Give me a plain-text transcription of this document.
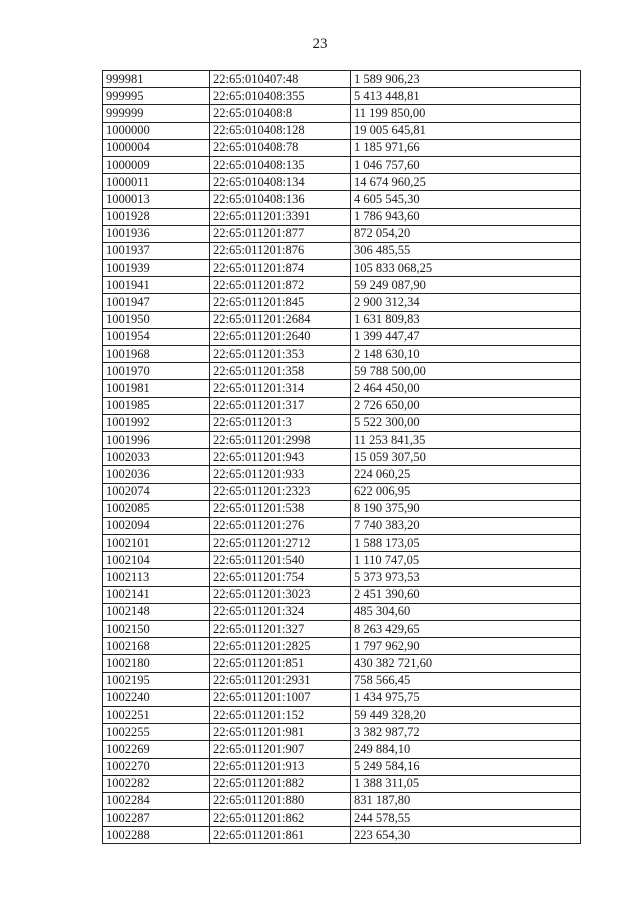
23
999981	22:65:010407:48	1 589 906,23
999995	22:65:010408:355	5 413 448,81
999999	22:65:010408:8	11 199 850,00
1000000	22:65:010408:128	19 005 645,81
1000004	22:65:010408:78	1 185 971,66
1000009	22:65:010408:135	1 046 757,60
1000011	22:65:010408:134	14 674 960,25
1000013	22:65:010408:136	4 605 545,30
1001928	22:65:011201:3391	1 786 943,60
1001936	22:65:011201:877	872 054,20
1001937	22:65:011201:876	306 485,55
1001939	22:65:011201:874	105 833 068,25
1001941	22:65:011201:872	59 249 087,90
1001947	22:65:011201:845	2 900 312,34
1001950	22:65:011201:2684	1 631 809,83
1001954	22:65:011201:2640	1 399 447,47
1001968	22:65:011201:353	2 148 630,10
1001970	22:65:011201:358	59 788 500,00
1001981	22:65:011201:314	2 464 450,00
1001985	22:65:011201:317	2 726 650,00
1001992	22:65:011201:3	5 522 300,00
1001996	22:65:011201:2998	11 253 841,35
1002033	22:65:011201:943	15 059 307,50
1002036	22:65:011201:933	224 060,25
1002074	22:65:011201:2323	622 006,95
1002085	22:65:011201:538	8 190 375,90
1002094	22:65:011201:276	7 740 383,20
1002101	22:65:011201:2712	1 588 173,05
1002104	22:65:011201:540	1 110 747,05
1002113	22:65:011201:754	5 373 973,53
1002141	22:65:011201:3023	2 451 390,60
1002148	22:65:011201:324	485 304,60
1002150	22:65:011201:327	8 263 429,65
1002168	22:65:011201:2825	1 797 962,90
1002180	22:65:011201:851	430 382 721,60
1002195	22:65:011201:2931	758 566,45
1002240	22:65:011201:1007	1 434 975,75
1002251	22:65:011201:152	59 449 328,20
1002255	22:65:011201:981	3 382 987,72
1002269	22:65:011201:907	249 884,10
1002270	22:65:011201:913	5 249 584,16
1002282	22:65:011201:882	1 388 311,05
1002284	22:65:011201:880	831 187,80
1002287	22:65:011201:862	244 578,55
1002288	22:65:011201:861	223 654,30
